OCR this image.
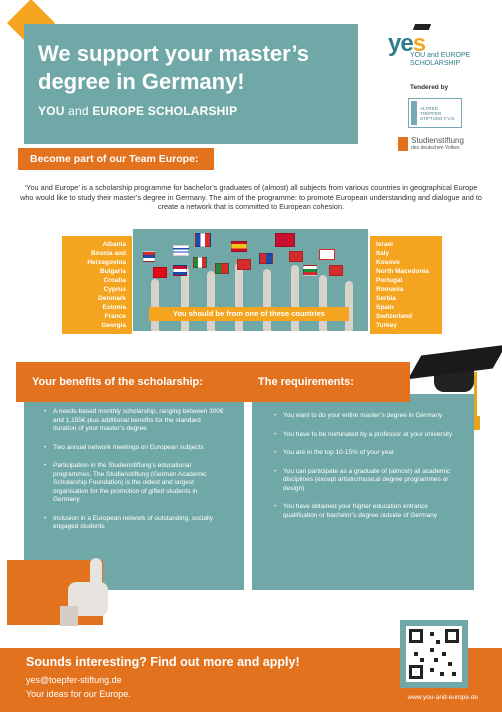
We support your master’s degree in Germany!
YOU and EUROPE SCHOLARSHIP
yes
YOU and EUROPE SCHOLARSHIP
Tendered by
ALFRED TOEPFER STIFTUNG F.V.S.
Studienstiftung
des deutschen Volkes
Become part of our Team Europe:

‘You and Europe’ is a scholarship programme for bachelor’s graduates of (almost) all subjects from various countries in geographical Europe who would like to study their master’s degree in Germany. The aim of the programme: to promote European understanding and dialogue and to create a network that is committed to European cohesion.

Albania
Bosnia and Herzegovina
Bulgaria
Croatia
Cyprus
Denmark
Estonia
France
Georgia
Israel
Italy
Kosovo
North Macedonia
Portugal
Romania
Serbia
Spain
Switzerland
Turkey
You should be from one of these countries
• A needs-based monthly scholarship, ranging between 300€ and 1,155€ plus additional benefits for the standard duration of your master’s degree
• Two annual network meetings on European subjects
• Participation in the Studienstiftung’s educational programmes. The Studienstiftung (German Academic Scholarship Foundation) is the oldest and largest organisation for the promotion of gifted students in Germany
• Inclusion in a European network of outstanding, socially engaged students
Your benefits of the scholarship:
• You want to do your entire master’s degree in Germany
• You have to be nominated by a professor at your university
• You are in the top 10-15% of your year
• You can participate as a graduate of (almost) all academic disciplines (except artistic/musical degree programmes or design)
• You have obtained your higher education entrance qualification or bachelor’s degree outside of Germany
The requirements:
Sounds interesting? Find out more and apply!
yes@toepfer-stiftung.de
Your ideas for our Europe.	www.you-and-europe.de
